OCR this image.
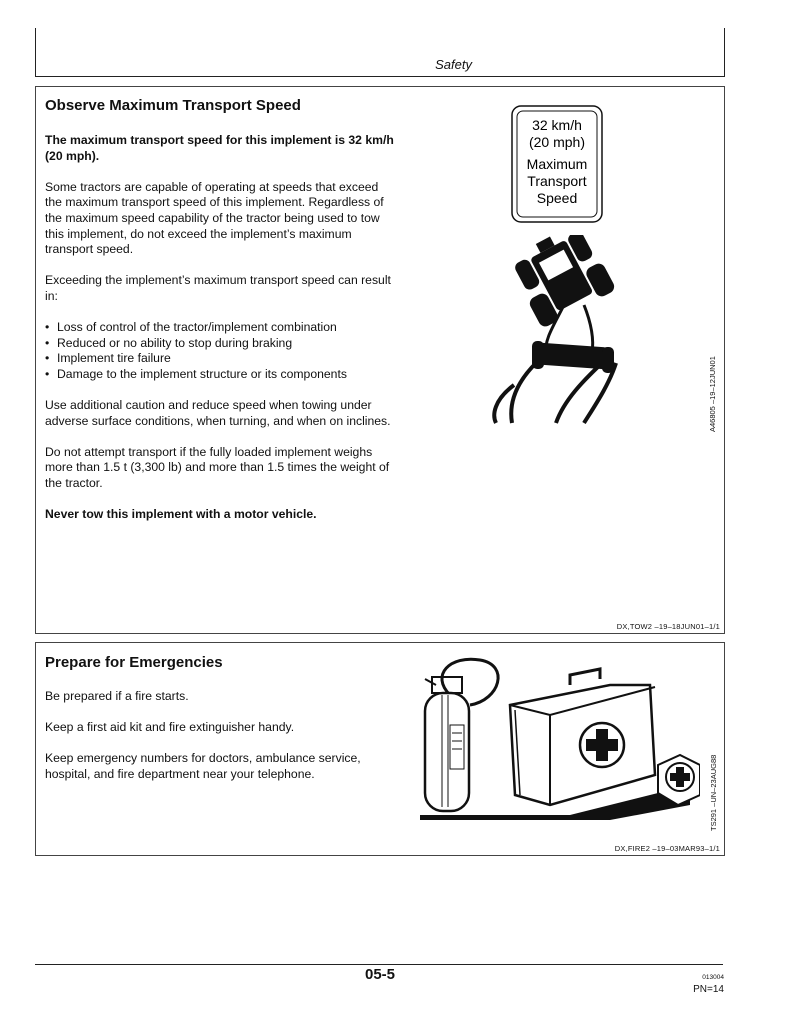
Safety
Observe Maximum Transport Speed

The maximum transport speed for this implement is 32 km/h (20 mph).

Some tractors are capable of operating at speeds that exceed the maximum transport speed of this implement. Regardless of the maximum speed capability of the tractor being used to tow this implement, do not exceed the implement’s maximum transport speed.

Exceeding the implement’s maximum transport speed can result in:

• Loss of control of the tractor/implement combination
• Reduced or no ability to stop during braking
• Implement tire failure
• Damage to the implement structure or its components

Use additional caution and reduce speed when towing under adverse surface conditions, when turning, and when on inclines.

Do not attempt transport if the fully loaded implement weighs more than 1.5 t (3,300 lb) and more than 1.5 times the weight of the tractor.

Never tow this implement with a motor vehicle.

32 km/h
(20 mph)
Maximum
Transport
Speed
A46805 –19–12JUN01
DX,TOW2 –19–18JUN01–1/1
Prepare for Emergencies

Be prepared if a fire starts.

Keep a first aid kit and fire extinguisher handy.

Keep emergency numbers for doctors, ambulance service, hospital, and fire department near your telephone.	TS291 –UN–23AUG88
DX,FIRE2 –19–03MAR93–1/1
05-5	013004
PN=14
